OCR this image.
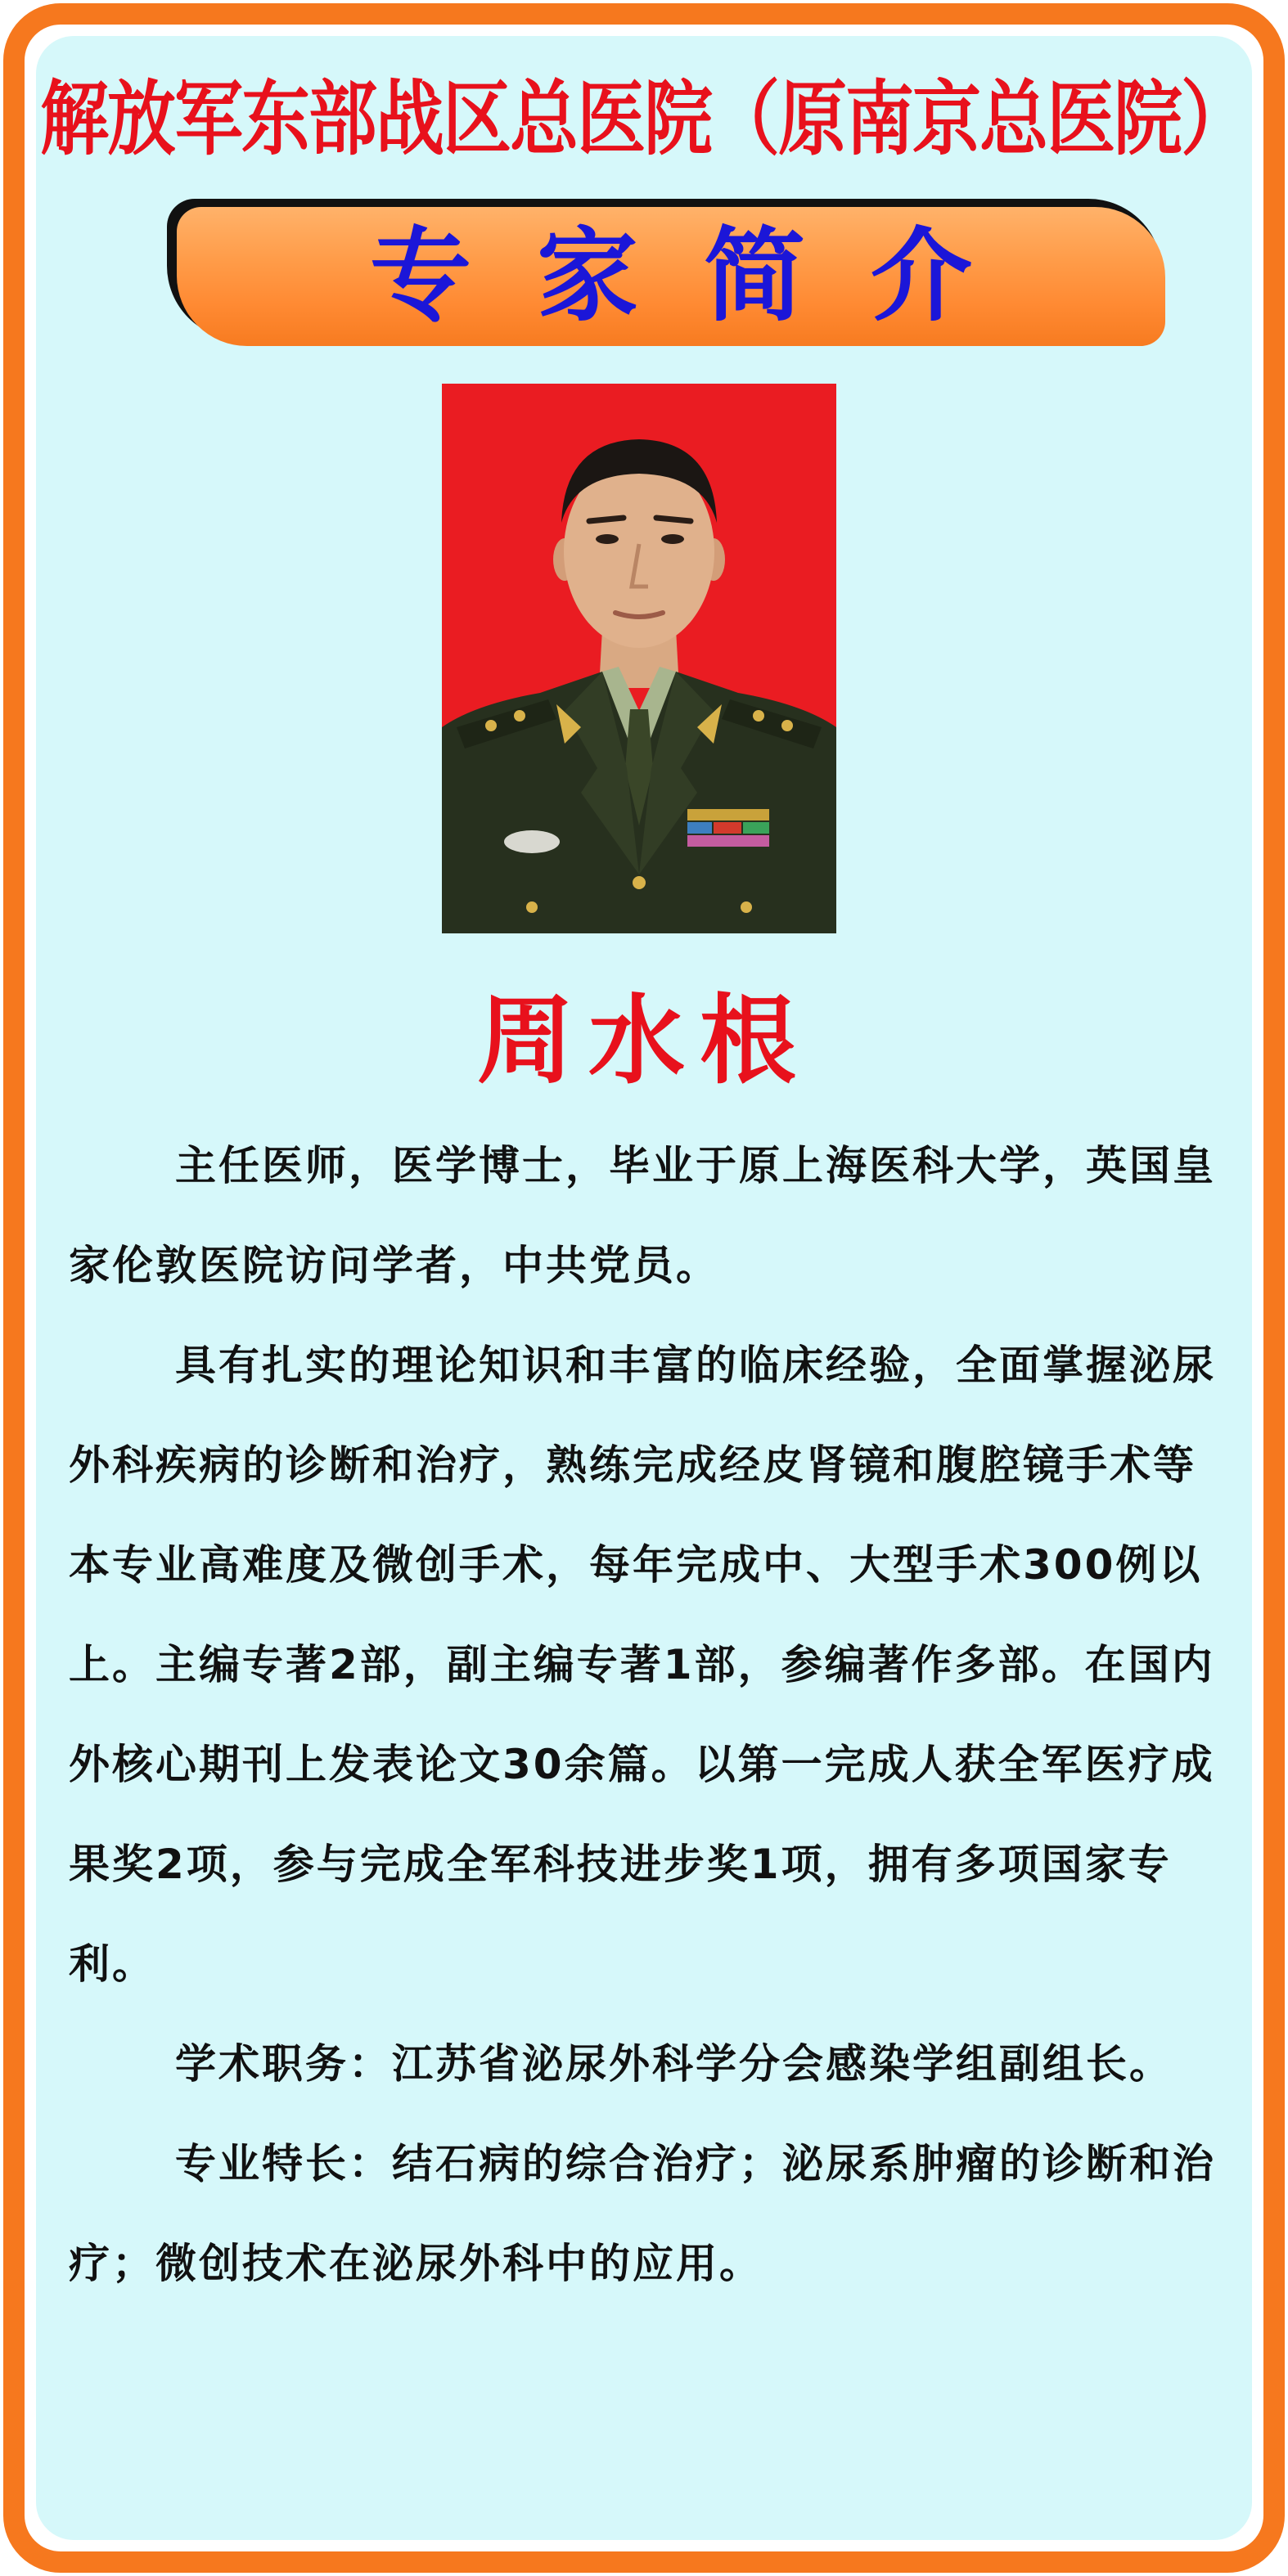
解放军东部战区总医院（原南京总医院）
专家简介
周水根

主任医师，医学博士，毕业于原上海医科大学，英国皇家伦敦医院访问学者，中共党员。

具有扎实的理论知识和丰富的临床经验，全面掌握泌尿外科疾病的诊断和治疗，熟练完成经皮肾镜和腹腔镜手术等本专业高难度及微创手术，每年完成中、大型手术300例以上。主编专著2部，副主编专著1部，参编著作多部。在国内外核心期刊上发表论文30余篇。以第一完成人获全军医疗成果奖2项，参与完成全军科技进步奖1项，拥有多项国家专利。

学术职务：江苏省泌尿外科学分会感染学组副组长。

专业特长：结石病的综合治疗；泌尿系肿瘤的诊断和治疗；微创技术在泌尿外科中的应用。
